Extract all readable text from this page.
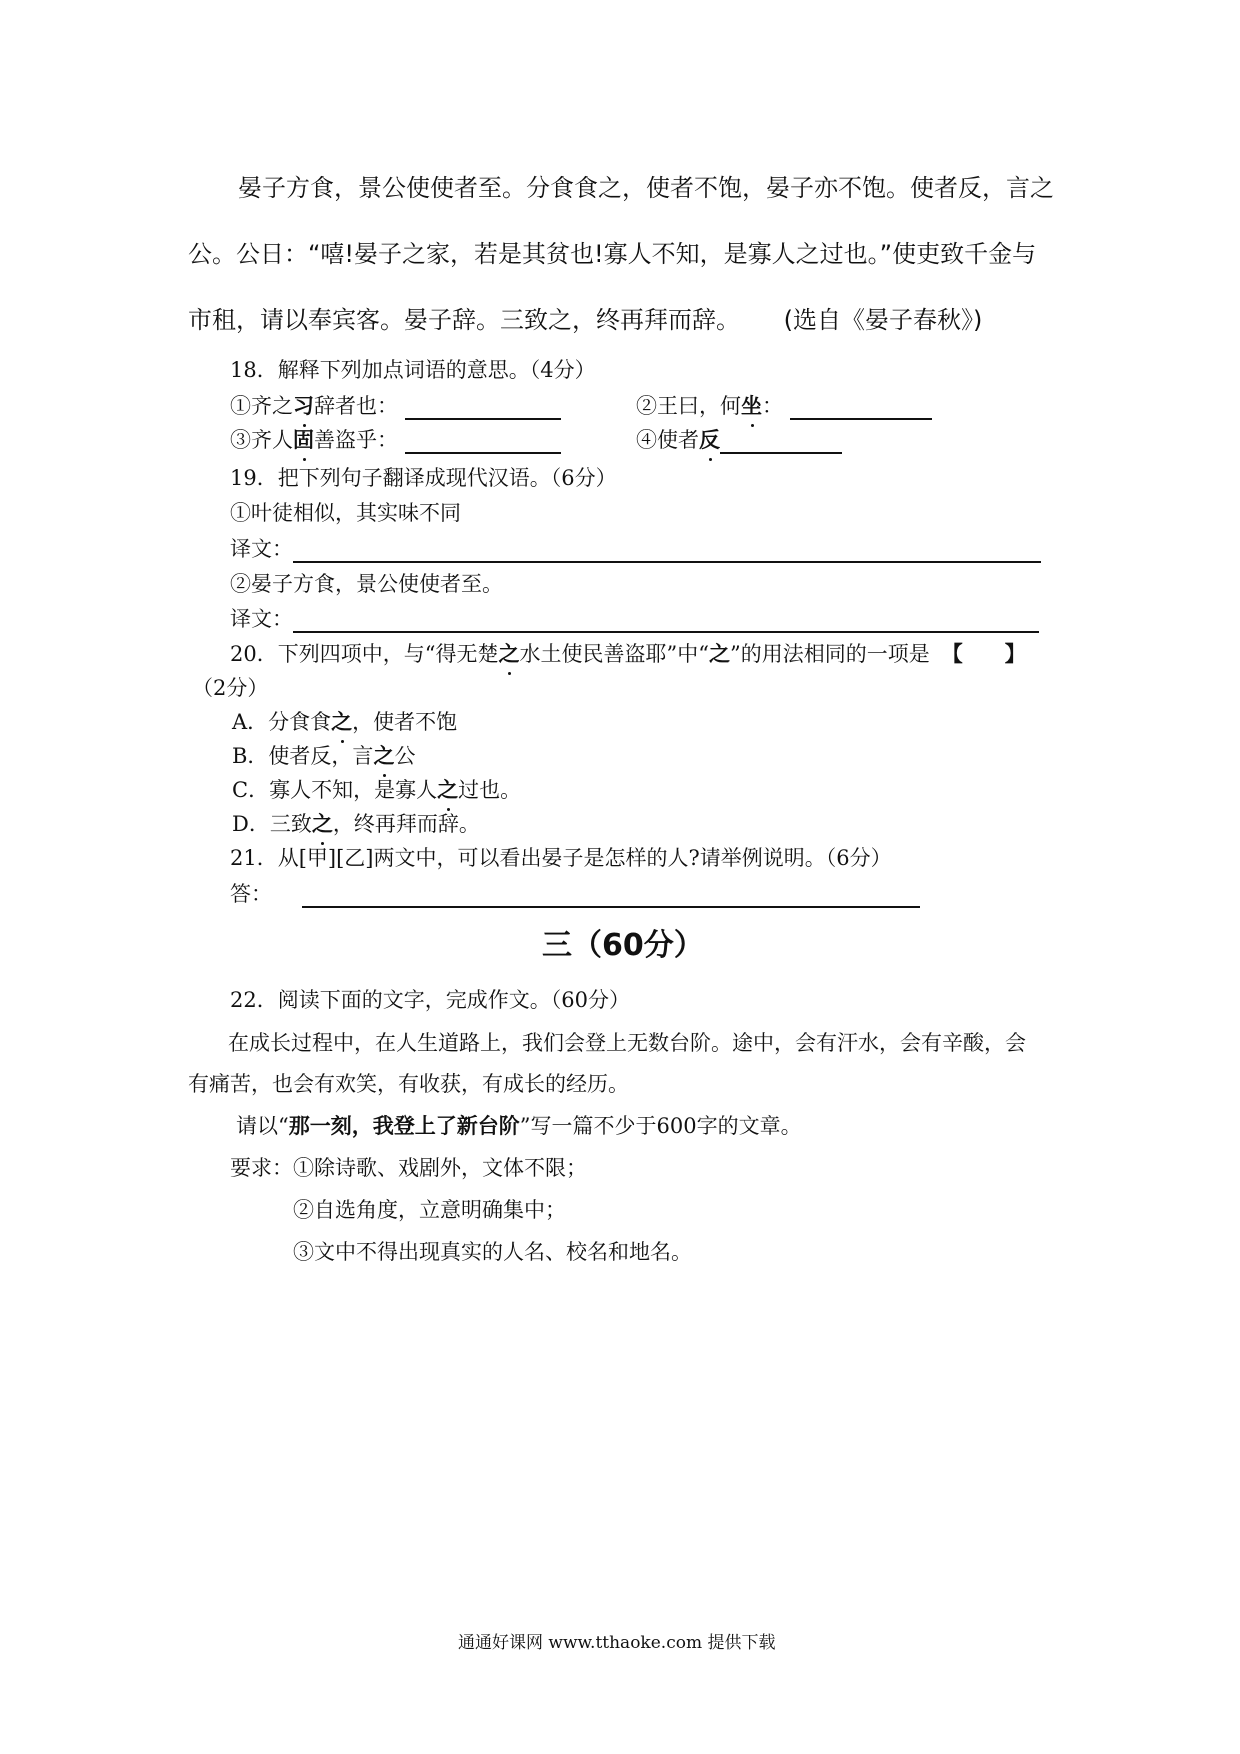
晏子方食，景公使使者至。分食食之，使者不饱，晏子亦不饱。使者反，言之
公。公日：“嘻!晏子之家，若是其贫也!寡人不知，是寡人之过也。”使吏致千金与
市租，请以奉宾客。晏子辞。三致之，终再拜而辞。 (选自《晏子春秋》)
18．解释下列加点词语的意思。（4分）
①齐之习辞者也：	②王曰，何坐：
③齐人固善盗乎：	④使者反
19．把下列句子翻译成现代汉语。（6分）
①叶徒相似，其实味不同
译文：
②晏子方食，景公使使者至。
译文：
20．下列四项中，与“得无楚之水土使民善盗耶”中“之”的用法相同的一项是 【　　】
（2分）
A．分食食之，使者不饱
B．使者反，言之公
C．寡人不知，是寡人之过也。
D．三致之，终再拜而辞。
21．从[甲][乙]两文中，可以看出晏子是怎样的人?请举例说明。（6分）
答：
三（60分）
22．阅读下面的文字，完成作文。（60分）
在成长过程中，在人生道路上，我们会登上无数台阶。途中，会有汗水，会有辛酸，会
有痛苦，也会有欢笑，有收获，有成长的经历。
请以“那一刻，我登上了新台阶”写一篇不少于600字的文章。
要求：①除诗歌、戏剧外，文体不限；
②自选角度，立意明确集中；
③文中不得出现真实的人名、校名和地名。
通通好课网 www.tthaoke.com 提供下载
